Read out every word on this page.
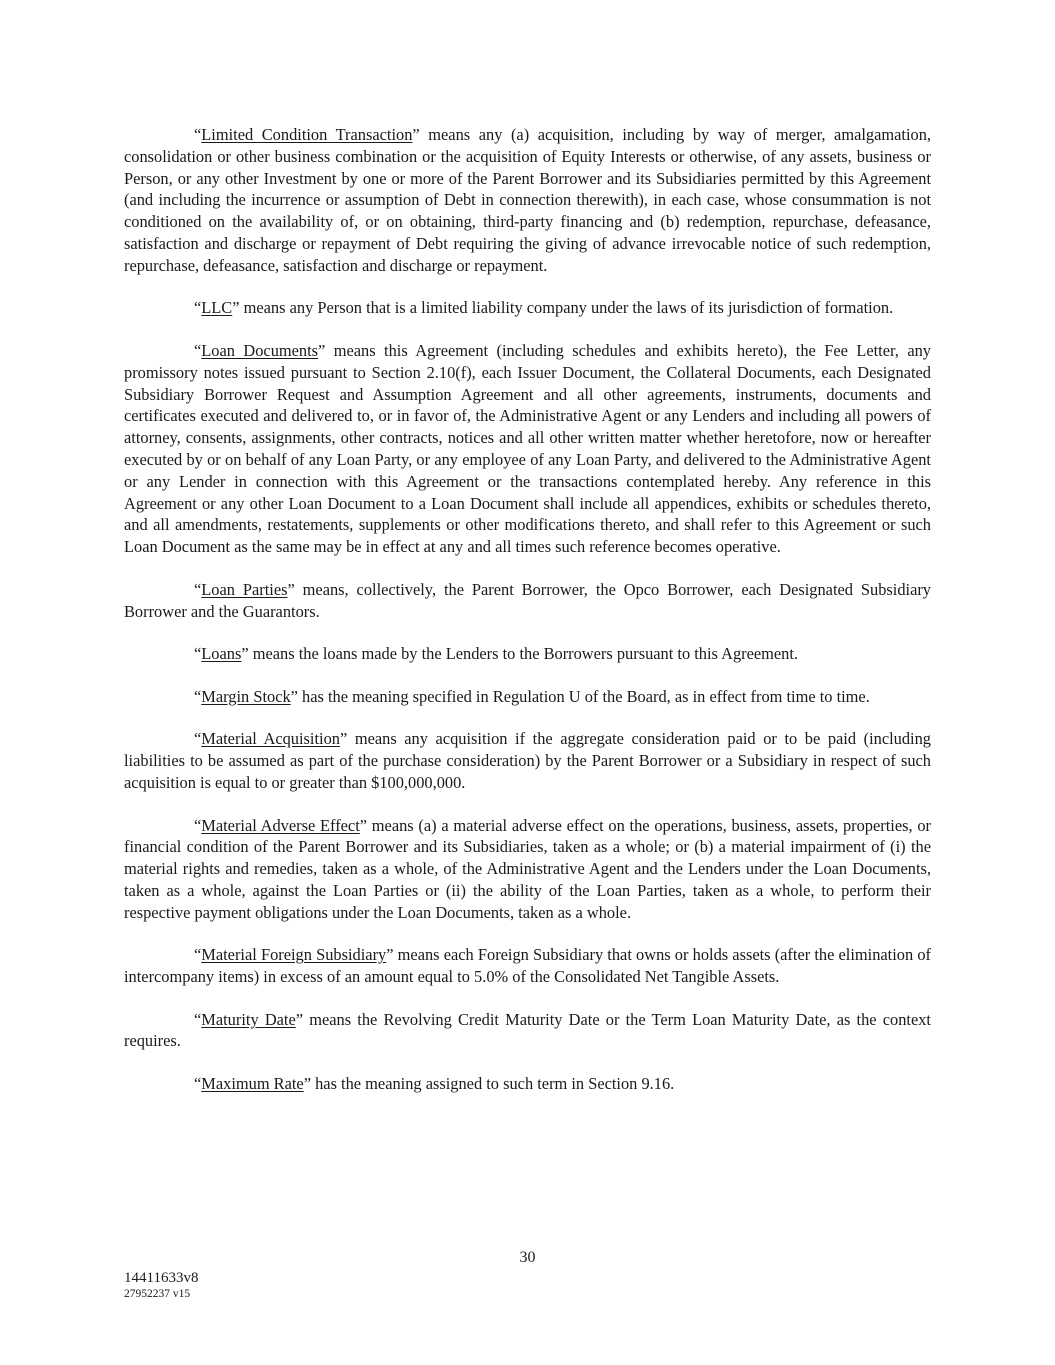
“Limited Condition Transaction” means any (a) acquisition, including by way of merger, amalgamation, consolidation or other business combination or the acquisition of Equity Interests or otherwise, of any assets, business or Person, or any other Investment by one or more of the Parent Borrower and its Subsidiaries permitted by this Agreement (and including the incurrence or assumption of Debt in connection therewith), in each case, whose consummation is not conditioned on the availability of, or on obtaining, third-party financing and (b) redemption, repurchase, defeasance, satisfaction and discharge or repayment of Debt requiring the giving of advance irrevocable notice of such redemption, repurchase, defeasance, satisfaction and discharge or repayment.

“LLC” means any Person that is a limited liability company under the laws of its jurisdiction of formation.

“Loan Documents” means this Agreement (including schedules and exhibits hereto), the Fee Letter, any promissory notes issued pursuant to Section 2.10(f), each Issuer Document, the Collateral Documents, each Designated Subsidiary Borrower Request and Assumption Agreement and all other agreements, instruments, documents and certificates executed and delivered to, or in favor of, the Administrative Agent or any Lenders and including all powers of attorney, consents, assignments, other contracts, notices and all other written matter whether heretofore, now or hereafter executed by or on behalf of any Loan Party, or any employee of any Loan Party, and delivered to the Administrative Agent or any Lender in connection with this Agreement or the transactions contemplated hereby. Any reference in this Agreement or any other Loan Document to a Loan Document shall include all appendices, exhibits or schedules thereto, and all amendments, restatements, supplements or other modifications thereto, and shall refer to this Agreement or such Loan Document as the same may be in effect at any and all times such reference becomes operative.

“Loan Parties” means, collectively, the Parent Borrower, the Opco Borrower, each Designated Subsidiary Borrower and the Guarantors.

“Loans” means the loans made by the Lenders to the Borrowers pursuant to this Agreement.

“Margin Stock” has the meaning specified in Regulation U of the Board, as in effect from time to time.

“Material Acquisition” means any acquisition if the aggregate consideration paid or to be paid (including liabilities to be assumed as part of the purchase consideration) by the Parent Borrower or a Subsidiary in respect of such acquisition is equal to or greater than $100,000,000.

“Material Adverse Effect” means (a) a material adverse effect on the operations, business, assets, properties, or financial condition of the Parent Borrower and its Subsidiaries, taken as a whole; or (b) a material impairment of (i) the material rights and remedies, taken as a whole, of the Administrative Agent and the Lenders under the Loan Documents, taken as a whole, against the Loan Parties or (ii) the ability of the Loan Parties, taken as a whole, to perform their respective payment obligations under the Loan Documents, taken as a whole.

“Material Foreign Subsidiary” means each Foreign Subsidiary that owns or holds assets (after the elimination of intercompany items) in excess of an amount equal to 5.0% of the Consolidated Net Tangible Assets.

“Maturity Date” means the Revolving Credit Maturity Date or the Term Loan Maturity Date, as the context requires.

“Maximum Rate” has the meaning assigned to such term in Section 9.16.

30
14411633v8
27952237 v15
